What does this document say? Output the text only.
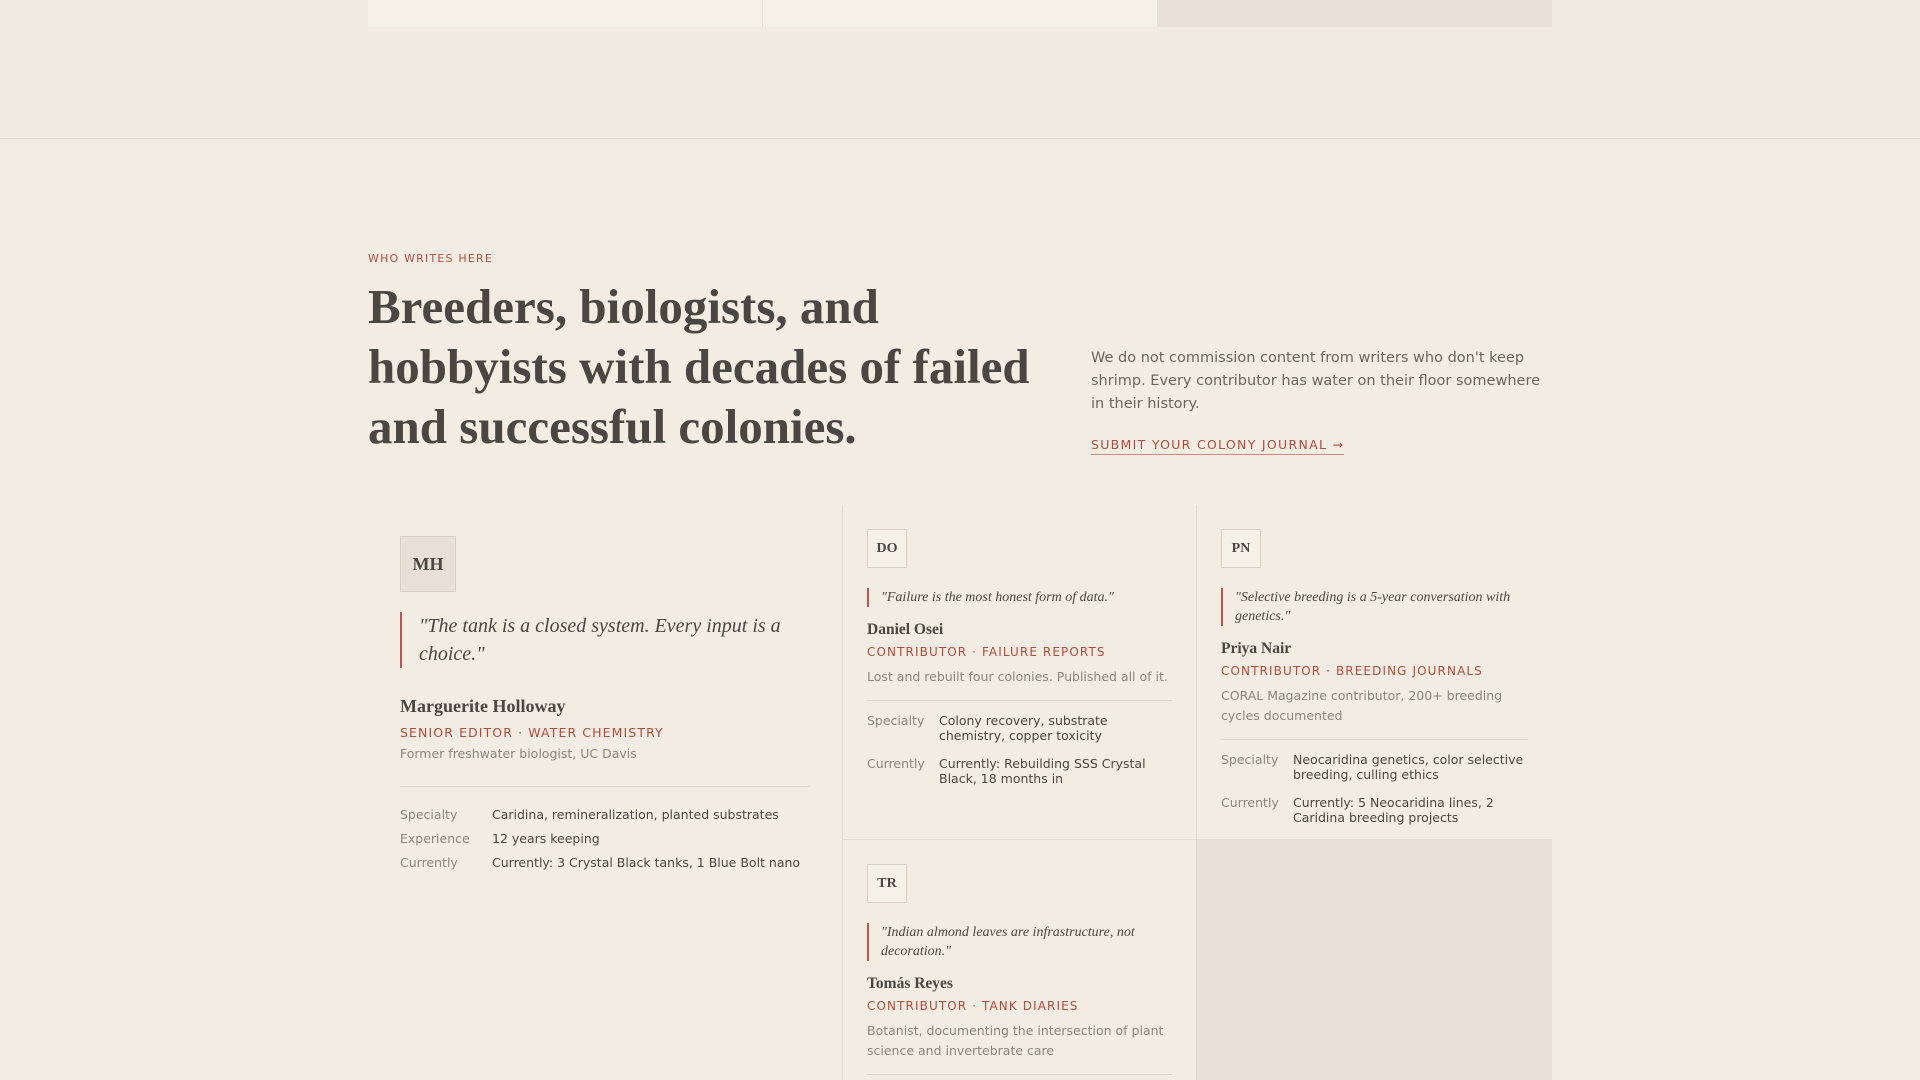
WHO WRITES HERE
Breeders, biologists, and hobbyists with decades of failed and successful colonies.

We do not commission content from writers who don't keep shrimp. Every contributor has water on their floor somewhere in their history.

SUBMIT YOUR COLONY JOURNAL →
MH
"The tank is a closed system. Every input is a choice."
Marguerite Holloway
SENIOR EDITOR · WATER CHEMISTRY
Former freshwater biologist, UC Davis
Specialty	Caridina, remineralization, planted substrates
Experience	12 years keeping
Currently	Currently: 3 Crystal Black tanks, 1 Blue Bolt nano
DO
"Failure is the most honest form of data."
Daniel Osei
CONTRIBUTOR · FAILURE REPORTS
Lost and rebuilt four colonies. Published all of it.
Specialty	Colony recovery, substrate chemistry, copper toxicity
Currently	Currently: Rebuilding SSS Crystal Black, 18 months in
PN
"Selective breeding is a 5-year conversation with genetics."
Priya Nair
CONTRIBUTOR · BREEDING JOURNALS
CORAL Magazine contributor, 200+ breeding cycles documented
Specialty	Neocaridina genetics, color selective breeding, culling ethics
Currently	Currently: 5 Neocaridina lines, 2 Caridina breeding projects
TR
"Indian almond leaves are infrastructure, not decoration."
Tomás Reyes
CONTRIBUTOR · TANK DIARIES
Botanist, documenting the intersection of plant science and invertebrate care
